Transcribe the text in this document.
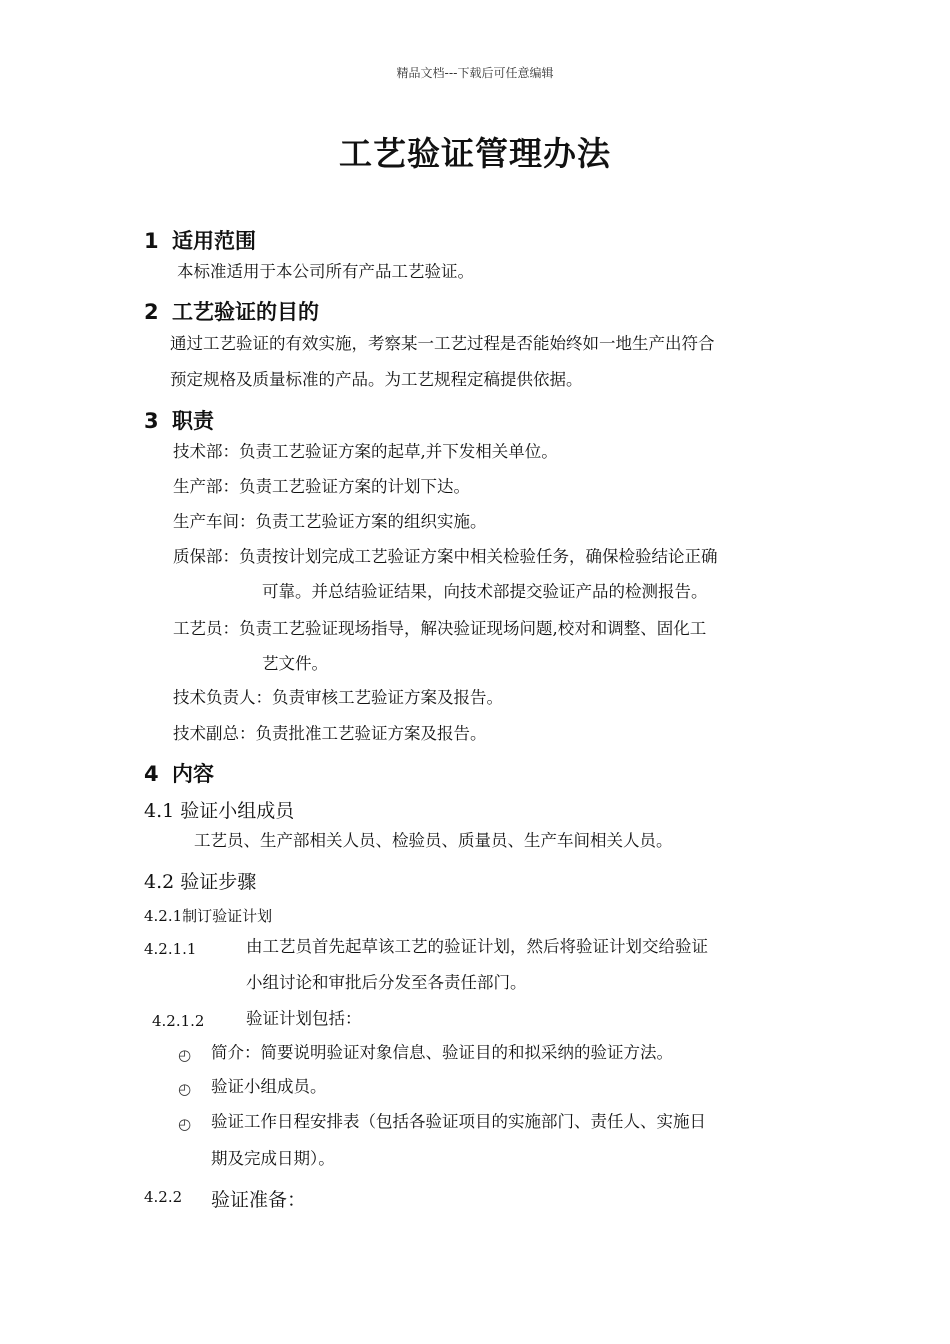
精品文档---下载后可任意编辑
工艺验证管理办法
1 适用范围
本标准适用于本公司所有产品工艺验证。
2 工艺验证的目的
通过工艺验证的有效实施，考察某一工艺过程是否能始终如一地生产出符合
预定规格及质量标准的产品。为工艺规程定稿提供依据。
3 职责
技术部：负责工艺验证方案的起草,并下发相关单位。
生产部：负责工艺验证方案的计划下达。
生产车间：负责工艺验证方案的组织实施。
质保部：负责按计划完成工艺验证方案中相关检验任务，确保检验结论正确
可靠。并总结验证结果，向技术部提交验证产品的检测报告。
工艺员：负责工艺验证现场指导，解决验证现场问题,校对和调整、固化工
艺文件。
技术负责人：负责审核工艺验证方案及报告。
技术副总：负责批准工艺验证方案及报告。
4 内容
4.1 验证小组成员
工艺员、生产部相关人员、检验员、质量员、生产车间相关人员。
4.2 验证步骤
4.2.1制订验证计划
4.2.1.1	由工艺员首先起草该工艺的验证计划，然后将验证计划交给验证
小组讨论和审批后分发至各责任部门。
4.2.1.2	验证计划包括：
◴ 简介：简要说明验证对象信息、验证目的和拟采纳的验证方法。
◴ 验证小组成员。
◴ 验证工作日程安排表（包括各验证项目的实施部门、责任人、实施日
期及完成日期）。
4.2.2 验证准备：
